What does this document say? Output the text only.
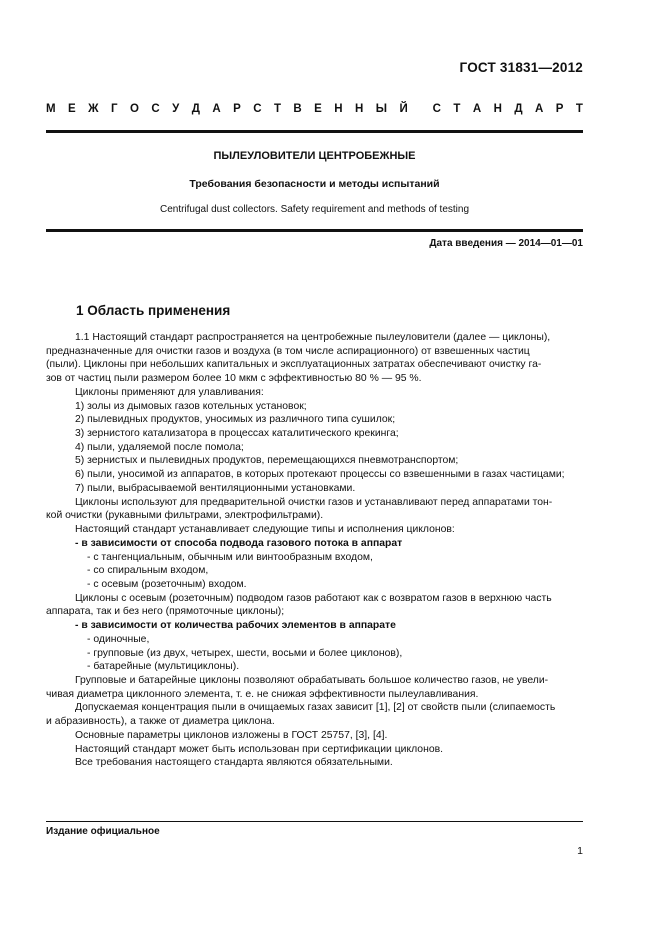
ГОСТ 31831—2012
М Е Ж Г О С У Д А Р С Т В Е Н Н Ы Й С Т А Н Д А Р Т
ПЫЛЕУЛОВИТЕЛИ ЦЕНТРОБЕЖНЫЕ
Требования безопасности и методы испытаний
Centrifugal dust collectors. Safety requirement and methods of testing
Дата введения — 2014—01—01
1 Область применения
1.1 Настоящий стандарт распространяется на центробежные пылеуловители (далее — циклоны),
предназначенные для очистки газов и воздуха (в том числе аспирационного) от взвешенных частиц
(пыли). Циклоны при небольших капитальных и эксплуатационных затратах обеспечивают очистку га-
зов от частиц пыли размером более 10 мкм с эффективностью 80 % — 95 %.
Циклоны применяют для улавливания:
1) золы из дымовых газов котельных установок;
2) пылевидных продуктов, уносимых из различного типа сушилок;
3) зернистого катализатора в процессах каталитического крекинга;
4) пыли, удаляемой после помола;
5) зернистых и пылевидных продуктов, перемещающихся пневмотранспортом;
6) пыли, уносимой из аппаратов, в которых протекают процессы со взвешенными в газах частицами;
7) пыли, выбрасываемой вентиляционными установками.
Циклоны используют для предварительной очистки газов и устанавливают перед аппаратами тон-
кой очистки (рукавными фильтрами, электрофильтрами).
Настоящий стандарт устанавливает следующие типы и исполнения циклонов:
- в зависимости от способа подвода газового потока в аппарат
- с тангенциальным, обычным или винтообразным входом,
- со спиральным входом,
- с осевым (розеточным) входом.
Циклоны с осевым (розеточным) подводом газов работают как с возвратом газов в верхнюю часть
аппарата, так и без него (прямоточные циклоны);
- в зависимости от количества рабочих элементов в аппарате
- одиночные,
- групповые (из двух, четырех, шести, восьми и более циклонов),
- батарейные (мультициклоны).
Групповые и батарейные циклоны позволяют обрабатывать большое количество газов, не увели-
чивая диаметра циклонного элемента, т. е. не снижая эффективности пылеулавливания.
Допускаемая концентрация пыли в очищаемых газах зависит [1], [2] от свойств пыли (слипаемость
и абразивность), а также от диаметра циклона.
Основные параметры циклонов изложены в ГОСТ 25757, [3], [4].
Настоящий стандарт может быть использован при сертификации циклонов.
Все требования настоящего стандарта являются обязательными.
Издание официальное
1
